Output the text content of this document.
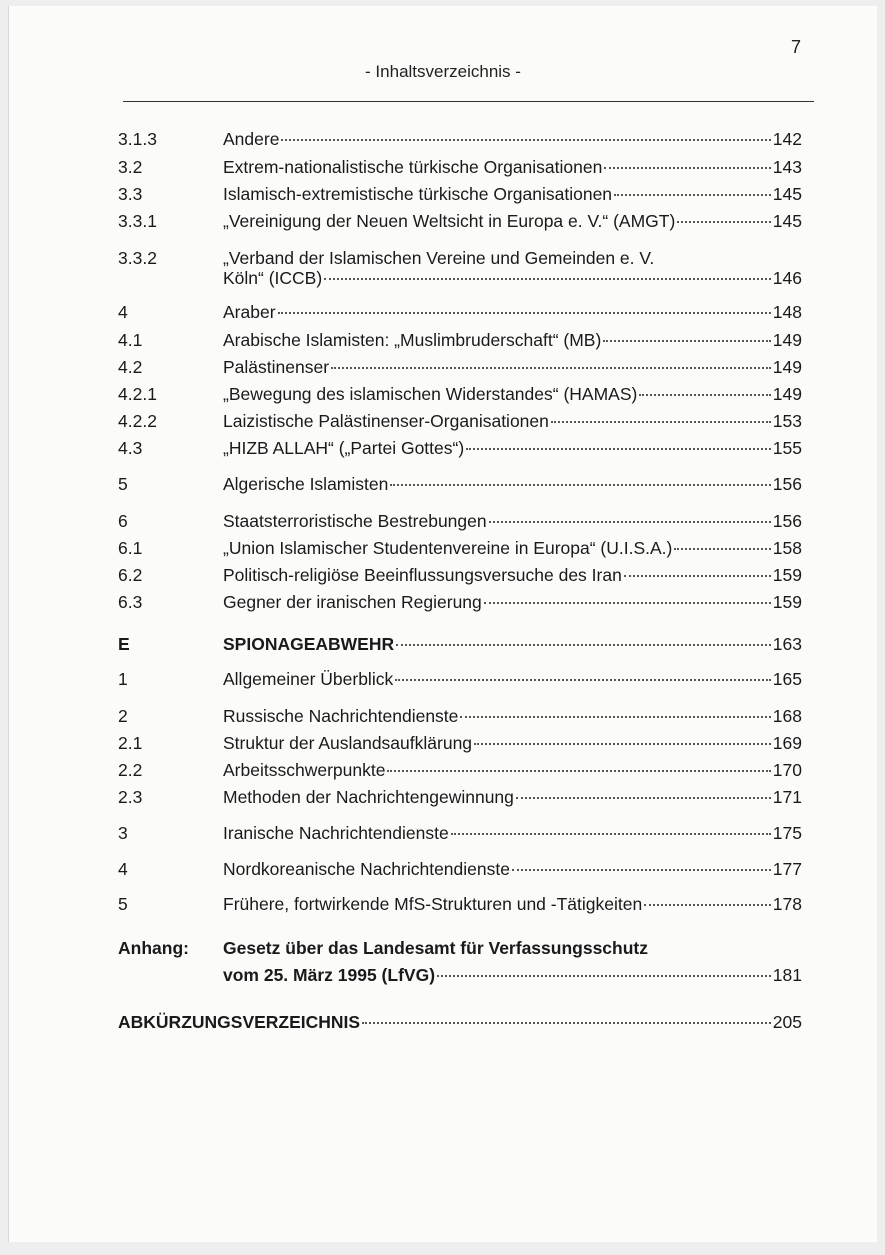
7
- Inhaltsverzeichnis -
3.1.3	Andere	142
3.2	Extrem-nationalistische türkische Organisationen	143
3.3	Islamisch-extremistische türkische Organisationen	145
3.3.1	„Vereinigung der Neuen Weltsicht in Europa e. V.“ (AMGT)	145
3.3.2	„Verband der Islamischen Vereine und Gemeinden e. V.
Köln“ (ICCB)	146
4	Araber	148
4.1	Arabische Islamisten: „Muslimbruderschaft“ (MB)	149
4.2	Palästinenser	149
4.2.1	„Bewegung des islamischen Widerstandes“ (HAMAS)	149
4.2.2	Laizistische Palästinenser-Organisationen	153
4.3	„HIZB ALLAH“ („Partei Gottes“)	155
5	Algerische Islamisten	156
6	Staatsterroristische Bestrebungen	156
6.1	„Union Islamischer Studentenvereine in Europa“ (U.I.S.A.)	158
6.2	Politisch-religiöse Beeinflussungsversuche des Iran	159
6.3	Gegner der iranischen Regierung	159
E	SPIONAGEABWEHR	163
1	Allgemeiner Überblick	165
2	Russische Nachrichtendienste	168
2.1	Struktur der Auslandsaufklärung	169
2.2	Arbeitsschwerpunkte	170
2.3	Methoden der Nachrichtengewinnung	171
3	Iranische Nachrichtendienste	175
4	Nordkoreanische Nachrichtendienste	177
5	Frühere, fortwirkende MfS-Strukturen und -Tätigkeiten	178
Anhang: Gesetz über das Landesamt für Verfassungsschutz
vom 25. März 1995 (LfVG)	181
ABKÜRZUNGSVERZEICHNIS	205
